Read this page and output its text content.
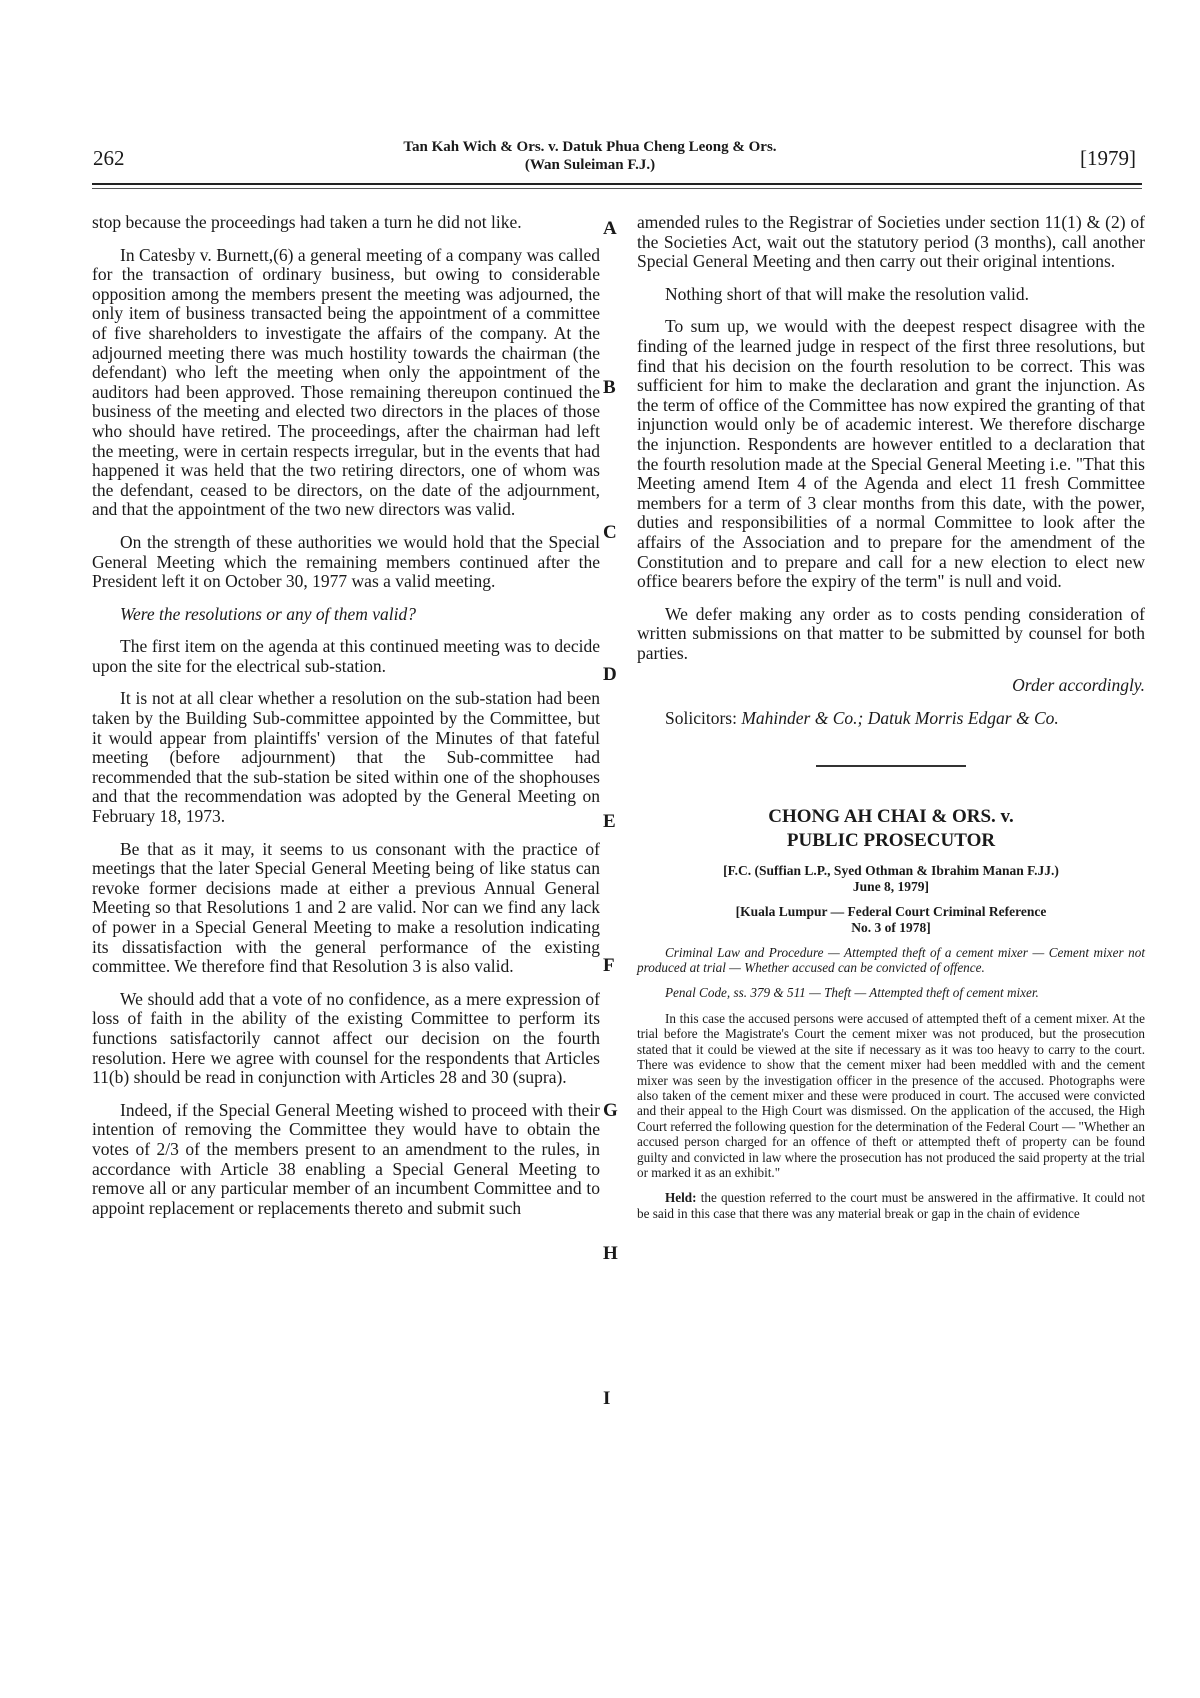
262	Tan Kah Wich & Ors. v. Datuk Phua Cheng Leong & Ors.
(Wan Suleiman F.J.)	[1979]
A
B
C
D
E
F
G
H
I

stop because the proceedings had taken a turn he did not like.

In Catesby v. Burnett,(6) a general meeting of a company was called for the transaction of ordinary business, but owing to considerable opposition among the members present the meeting was adjourned, the only item of business transacted being the appointment of a committee of five shareholders to investigate the affairs of the company. At the adjourned meeting there was much hostility towards the chairman (the defendant) who left the meeting when only the appointment of the auditors had been approved. Those remaining thereupon continued the business of the meeting and elected two directors in the places of those who should have retired. The proceedings, after the chairman had left the meeting, were in certain respects irregular, but in the events that had happened it was held that the two retiring directors, one of whom was the defendant, ceased to be directors, on the date of the adjournment, and that the appointment of the two new directors was valid.

On the strength of these authorities we would hold that the Special General Meeting which the remaining members continued after the President left it on October 30, 1977 was a valid meeting.

Were the resolutions or any of them valid?

The first item on the agenda at this continued meeting was to decide upon the site for the electrical sub-station.

It is not at all clear whether a resolution on the sub-station had been taken by the Building Sub-committee appointed by the Committee, but it would appear from plaintiffs' version of the Minutes of that fateful meeting (before adjournment) that the Sub-committee had recommended that the sub-station be sited within one of the shophouses and that the recommendation was adopted by the General Meeting on February 18, 1973.

Be that as it may, it seems to us consonant with the practice of meetings that the later Special General Meeting being of like status can revoke former decisions made at either a previous Annual General Meeting so that Resolutions 1 and 2 are valid. Nor can we find any lack of power in a Special General Meeting to make a resolution indicating its dissatisfaction with the general performance of the existing committee. We therefore find that Resolution 3 is also valid.

We should add that a vote of no confidence, as a mere expression of loss of faith in the ability of the existing Committee to perform its functions satisfactorily cannot affect our decision on the fourth resolution. Here we agree with counsel for the respondents that Articles 11(b) should be read in conjunction with Articles 28 and 30 (supra).

Indeed, if the Special General Meeting wished to proceed with their intention of removing the Committee they would have to obtain the votes of 2/3 of the members present to an amendment to the rules, in accordance with Article 38 enabling a Special General Meeting to remove all or any particular member of an incumbent Committee and to appoint replacement or replacements thereto and submit such

amended rules to the Registrar of Societies under section 11(1) & (2) of the Societies Act, wait out the statutory period (3 months), call another Special General Meeting and then carry out their original intentions.

Nothing short of that will make the resolution valid.

To sum up, we would with the deepest respect disagree with the finding of the learned judge in respect of the first three resolutions, but find that his decision on the fourth resolution to be correct. This was sufficient for him to make the declaration and grant the injunction. As the term of office of the Committee has now expired the granting of that injunction would only be of academic interest. We therefore discharge the injunction. Respondents are however entitled to a declaration that the fourth resolution made at the Special General Meeting i.e. "That this Meeting amend Item 4 of the Agenda and elect 11 fresh Committee members for a term of 3 clear months from this date, with the power, duties and responsibilities of a normal Committee to look after the affairs of the Association and to prepare for the amendment of the Constitution and to prepare and call for a new election to elect new office bearers before the expiry of the term" is null and void.

We defer making any order as to costs pending consideration of written submissions on that matter to be submitted by counsel for both parties.

Order accordingly.

Solicitors: Mahinder & Co.; Datuk Morris Edgar & Co.

CHONG AH CHAI & ORS. v.
PUBLIC PROSECUTOR
[F.C. (Suffian L.P., Syed Othman & Ibrahim Manan F.JJ.)
June 8, 1979]
[Kuala Lumpur — Federal Court Criminal Reference
No. 3 of 1978]

Criminal Law and Procedure — Attempted theft of a cement mixer — Cement mixer not produced at trial — Whether accused can be convicted of offence.

Penal Code, ss. 379 & 511 — Theft — Attempted theft of cement mixer.

In this case the accused persons were accused of attempted theft of a cement mixer. At the trial before the Magistrate's Court the cement mixer was not produced, but the prosecution stated that it could be viewed at the site if necessary as it was too heavy to carry to the court. There was evidence to show that the cement mixer had been meddled with and the cement mixer was seen by the investigation officer in the presence of the accused. Photographs were also taken of the cement mixer and these were produced in court. The accused were convicted and their appeal to the High Court was dismissed. On the application of the accused, the High Court referred the following question for the determination of the Federal Court — "Whether an accused person charged for an offence of theft or attempted theft of property can be found guilty and convicted in law where the prosecution has not produced the said property at the trial or marked it as an exhibit."

Held: the question referred to the court must be answered in the affirmative. It could not be said in this case that there was any material break or gap in the chain of evidence
